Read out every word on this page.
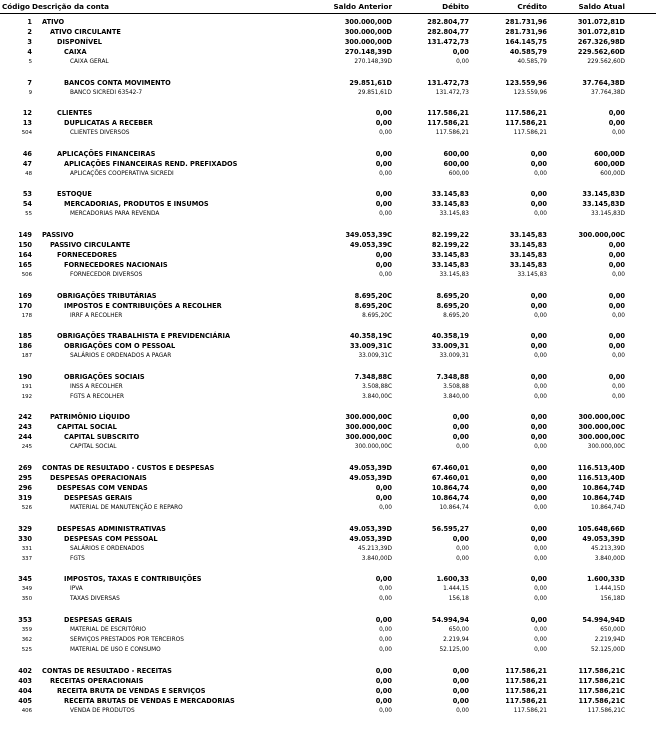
Código Descrição da conta	Saldo Anterior	Débito	Crédito	Saldo Atual
1 ATIVO	300.000,00D	282.804,77	281.731,96	301.072,81D
2	ATIVO CIRCULANTE	300.000,00D	282.804,77	281.731,96	301.072,81D
3	DISPONÍVEL	300.000,00D	131.472,73	164.145,75	267.326,98D
4	CAIXA	270.148,39D	0,00	40.585,79	229.562,60D
5	CAIXA GERAL	270.148,39D	0,00	40.585,79	229.562,60D
7	BANCOS CONTA MOVIMENTO	29.851,61D	131.472,73	123.559,96	37.764,38D
9	BANCO SICREDI 63542-7	29.851,61D	131.472,73	123.559,96	37.764,38D
12	CLIENTES	0,00	117.586,21	117.586,21	0,00
13	DUPLICATAS A RECEBER	0,00	117.586,21	117.586,21	0,00
504	CLIENTES DIVERSOS	0,00	117.586,21	117.586,21	0,00
46	APLICAÇÕES FINANCEIRAS	0,00	600,00	0,00	600,00D
47	APLICAÇÕES FINANCEIRAS REND. PREFIXADOS	0,00	600,00	0,00	600,00D
48	APLICAÇÕES COOPERATIVA SICREDI	0,00	600,00	0,00	600,00D
53	ESTOQUE	0,00	33.145,83	0,00	33.145,83D
54	MERCADORIAS, PRODUTOS E INSUMOS	0,00	33.145,83	0,00	33.145,83D
55	MERCADORIAS PARA REVENDA	0,00	33.145,83	0,00	33.145,83D
149 PASSIVO	349.053,39C	82.199,22	33.145,83	300.000,00C
150	PASSIVO CIRCULANTE	49.053,39C	82.199,22	33.145,83	0,00
164	FORNECEDORES	0,00	33.145,83	33.145,83	0,00
165	FORNECEDORES NACIONAIS	0,00	33.145,83	33.145,83	0,00
506	FORNECEDOR DIVERSOS	0,00	33.145,83	33.145,83	0,00
169	OBRIGAÇÕES TRIBUTÁRIAS	8.695,20C	8.695,20	0,00	0,00
170	IMPOSTOS E CONTRIBUIÇÕES A RECOLHER	8.695,20C	8.695,20	0,00	0,00
178	IRRF A RECOLHER	8.695,20C	8.695,20	0,00	0,00
185	OBRIGAÇÕES TRABALHISTA E PREVIDENCIÁRIA	40.358,19C	40.358,19	0,00	0,00
186	OBRIGAÇÕES COM O PESSOAL	33.009,31C	33.009,31	0,00	0,00
187	SALÁRIOS E ORDENADOS A PAGAR	33.009,31C	33.009,31	0,00	0,00
190	OBRIGAÇÕES SOCIAIS	7.348,88C	7.348,88	0,00	0,00
191	INSS A RECOLHER	3.508,88C	3.508,88	0,00	0,00
192	FGTS A RECOLHER	3.840,00C	3.840,00	0,00	0,00
242	PATRIMÔNIO LÍQUIDO	300.000,00C	0,00	0,00	300.000,00C
243	CAPITAL SOCIAL	300.000,00C	0,00	0,00	300.000,00C
244	CAPITAL SUBSCRITO	300.000,00C	0,00	0,00	300.000,00C
245	CAPITAL SOCIAL	300.000,00C	0,00	0,00	300.000,00C
269 CONTAS DE RESULTADO - CUSTOS E DESPESAS	49.053,39D	67.460,01	0,00	116.513,40D
295	DESPESAS OPERACIONAIS	49.053,39D	67.460,01	0,00	116.513,40D
296	DESPESAS COM VENDAS	0,00	10.864,74	0,00	10.864,74D
319	DESPESAS GERAIS	0,00	10.864,74	0,00	10.864,74D
526	MATERIAL DE MANUTENÇÃO E REPARO	0,00	10.864,74	0,00	10.864,74D
329	DESPESAS ADMINISTRATIVAS	49.053,39D	56.595,27	0,00	105.648,66D
330	DESPESAS COM PESSOAL	49.053,39D	0,00	0,00	49.053,39D
331	SALÁRIOS E ORDENADOS	45.213,39D	0,00	0,00	45.213,39D
337	FGTS	3.840,00D	0,00	0,00	3.840,00D
345	IMPOSTOS, TAXAS E CONTRIBUIÇÕES	0,00	1.600,33	0,00	1.600,33D
349	IPVA	0,00	1.444,15	0,00	1.444,15D
350	TAXAS DIVERSAS	0,00	156,18	0,00	156,18D
353	DESPESAS GERAIS	0,00	54.994,94	0,00	54.994,94D
359	MATERIAL DE ESCRITÓRIO	0,00	650,00	0,00	650,00D
362	SERVIÇOS PRESTADOS POR TERCEIROS	0,00	2.219,94	0,00	2.219,94D
525	MATERIAL DE USO E CONSUMO	0,00	52.125,00	0,00	52.125,00D
402 CONTAS DE RESULTADO - RECEITAS	0,00	0,00	117.586,21	117.586,21C
403	RECEITAS OPERACIONAIS	0,00	0,00	117.586,21	117.586,21C
404	RECEITA BRUTA DE VENDAS E SERVIÇOS	0,00	0,00	117.586,21	117.586,21C
405	RECEITA BRUTAS DE VENDAS E MERCADORIAS	0,00	0,00	117.586,21	117.586,21C
406	VENDA DE PRODUTOS	0,00	0,00	117.586,21	117.586,21C
